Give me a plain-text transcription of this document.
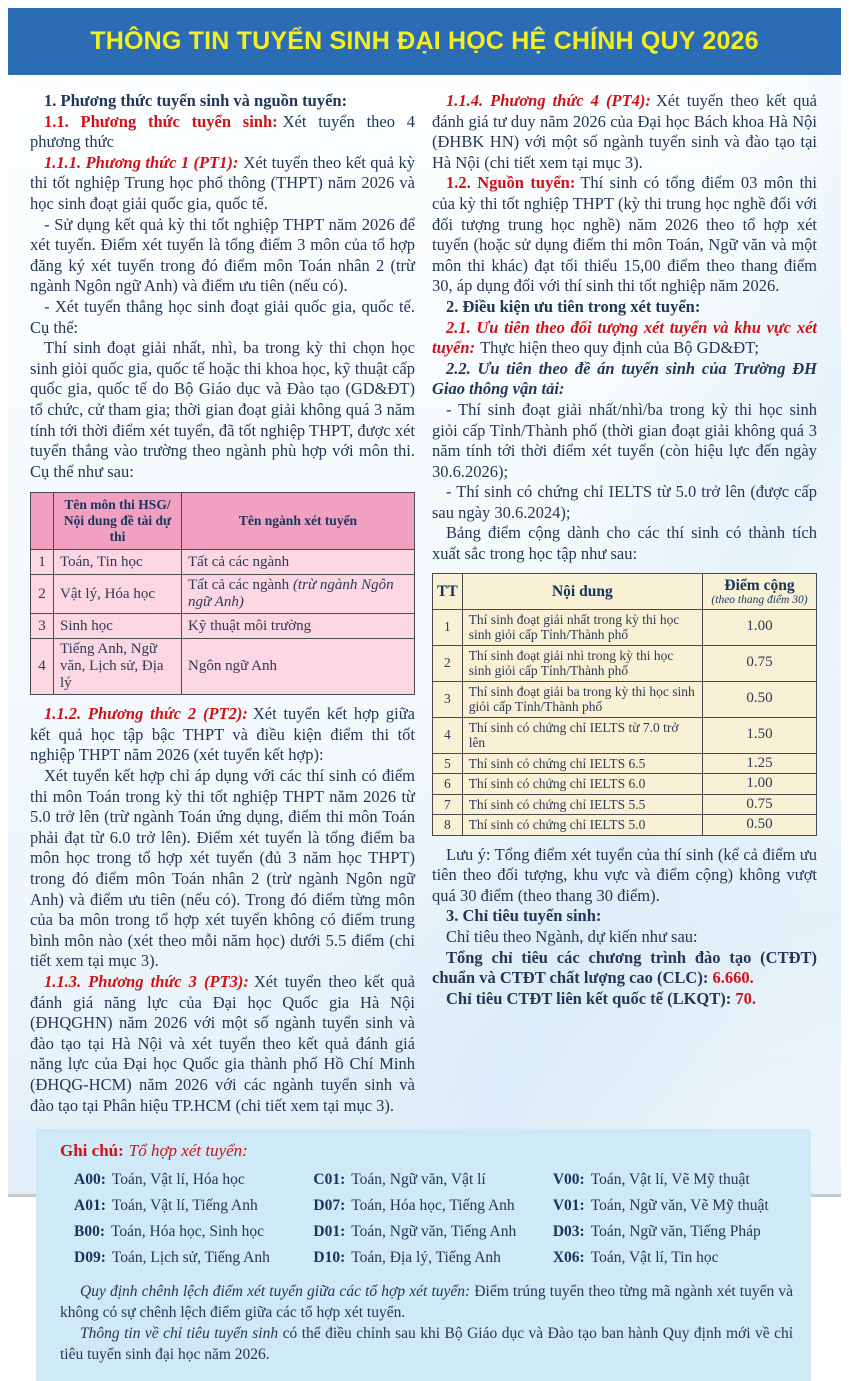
THÔNG TIN TUYỂN SINH ĐẠI HỌC HỆ CHÍNH QUY 2026

1. Phương thức tuyển sinh và nguồn tuyển:

1.1. Phương thức tuyển sinh: Xét tuyển theo 4 phương thức

1.1.1. Phương thức 1 (PT1): Xét tuyển theo kết quả kỳ thi tốt nghiệp Trung học phổ thông (THPT) năm 2026 và học sinh đoạt giải quốc gia, quốc tế.

- Sử dụng kết quả kỳ thi tốt nghiệp THPT năm 2026 để xét tuyển. Điểm xét tuyển là tổng điểm 3 môn của tổ hợp đăng ký xét tuyển trong đó điểm môn Toán nhân 2 (trừ ngành Ngôn ngữ Anh) và điểm ưu tiên (nếu có).

- Xét tuyển thẳng học sinh đoạt giải quốc gia, quốc tế. Cụ thể:

Thí sinh đoạt giải nhất, nhì, ba trong kỳ thi chọn học sinh giỏi quốc gia, quốc tế hoặc thi khoa học, kỹ thuật cấp quốc gia, quốc tế do Bộ Giáo dục và Đào tạo (GD&ĐT) tổ chức, cử tham gia; thời gian đoạt giải không quá 3 năm tính tới thời điểm xét tuyển, đã tốt nghiệp THPT, được xét tuyển thẳng vào trường theo ngành phù hợp với môn thi. Cụ thể như sau:

	Tên môn thi HSG/
Nội dung đề tài dự thi	Tên ngành xét tuyển
1	Toán, Tin học	Tất cả các ngành
2	Vật lý, Hóa học	Tất cả các ngành (trừ ngành Ngôn ngữ Anh)
3	Sinh học	Kỹ thuật môi trường
4	Tiếng Anh, Ngữ văn, Lịch sử, Địa lý	Ngôn ngữ Anh

1.1.2. Phương thức 2 (PT2): Xét tuyển kết hợp giữa kết quả học tập bậc THPT và điều kiện điểm thi tốt nghiệp THPT năm 2026 (xét tuyển kết hợp):

Xét tuyển kết hợp chỉ áp dụng với các thí sinh có điểm thi môn Toán trong kỳ thi tốt nghiệp THPT năm 2026 từ 5.0 trở lên (trừ ngành Toán ứng dụng, điểm thi môn Toán phải đạt từ 6.0 trở lên). Điểm xét tuyển là tổng điểm ba môn học trong tổ hợp xét tuyển (đủ 3 năm học THPT) trong đó điểm môn Toán nhân 2 (trừ ngành Ngôn ngữ Anh) và điểm ưu tiên (nếu có). Trong đó điểm từng môn của ba môn trong tổ hợp xét tuyển không có điểm trung bình môn nào (xét theo mỗi năm học) dưới 5.5 điểm (chi tiết xem tại mục 3).

1.1.3. Phương thức 3 (PT3): Xét tuyển theo kết quả đánh giá năng lực của Đại học Quốc gia Hà Nội (ĐHQGHN) năm 2026 với một số ngành tuyển sinh và đào tạo tại Hà Nội và xét tuyển theo kết quả đánh giá năng lực của Đại học Quốc gia thành phố Hồ Chí Minh (ĐHQG-HCM) năm 2026 với các ngành tuyển sinh và đào tạo tại Phân hiệu TP.HCM (chi tiết xem tại mục 3).

1.1.4. Phương thức 4 (PT4): Xét tuyển theo kết quả đánh giá tư duy năm 2026 của Đại học Bách khoa Hà Nội (ĐHBK HN) với một số ngành tuyển sinh và đào tạo tại Hà Nội (chi tiết xem tại mục 3).

1.2. Nguồn tuyển: Thí sinh có tổng điểm 03 môn thi của kỳ thi tốt nghiệp THPT (kỳ thi trung học nghề đối với đối tượng trung học nghề) năm 2026 theo tổ hợp xét tuyển (hoặc sử dụng điểm thi môn Toán, Ngữ văn và một môn thi khác) đạt tối thiểu 15,00 điểm theo thang điểm 30, áp dụng đối với thí sinh thi tốt nghiệp năm 2026.

2. Điều kiện ưu tiên trong xét tuyển:

2.1. Ưu tiên theo đối tượng xét tuyển và khu vực xét tuyển: Thực hiện theo quy định của Bộ GD&ĐT;

2.2. Ưu tiên theo đề án tuyển sinh của Trường ĐH Giao thông vận tải:

- Thí sinh đoạt giải nhất/nhì/ba trong kỳ thi học sinh giỏi cấp Tỉnh/Thành phố (thời gian đoạt giải không quá 3 năm tính tới thời điểm xét tuyển (còn hiệu lực đến ngày 30.6.2026);

- Thí sinh có chứng chỉ IELTS từ 5.0 trở lên (được cấp sau ngày 30.6.2024);

Bảng điểm cộng dành cho các thí sinh có thành tích xuất sắc trong học tập như sau:

TT	Nội dung	Điểm cộng
(theo thang điểm 30)

1	Thí sinh đoạt giải nhất trong kỳ thi học sinh giỏi cấp Tỉnh/Thành phố	1.00
2	Thí sinh đoạt giải nhì trong kỳ thi học sinh giỏi cấp Tỉnh/Thành phố	0.75
3	Thí sinh đoạt giải ba trong kỳ thi học sinh giỏi cấp Tỉnh/Thành phố	0.50
4	Thí sinh có chứng chỉ IELTS từ 7.0 trở lên	1.50
5	Thí sinh có chứng chỉ IELTS 6.5	1.25
6	Thí sinh có chứng chỉ IELTS 6.0	1.00
7	Thí sinh có chứng chỉ IELTS 5.5	0.75
8	Thí sinh có chứng chỉ IELTS 5.0	0.50

Lưu ý: Tổng điểm xét tuyển của thí sinh (kể cả điểm ưu tiên theo đối tượng, khu vực và điểm cộng) không vượt quá 30 điểm (theo thang 30 điểm).

3. Chỉ tiêu tuyển sinh:

Chỉ tiêu theo Ngành, dự kiến như sau:

Tổng chỉ tiêu các chương trình đào tạo (CTĐT) chuẩn và CTĐT chất lượng cao (CLC): 6.660.

Chỉ tiêu CTĐT liên kết quốc tế (LKQT): 70.

Ghi chú: Tổ hợp xét tuyển:

A00: Toán, Vật lí, Hóa học

A01: Toán, Vật lí, Tiếng Anh

B00: Toán, Hóa học, Sinh học

D09: Toán, Lịch sử, Tiếng Anh

C01: Toán, Ngữ văn, Vật lí

D07: Toán, Hóa học, Tiếng Anh

D01: Toán, Ngữ văn, Tiếng Anh

D10: Toán, Địa lý, Tiếng Anh

V00: Toán, Vật lí, Vẽ Mỹ thuật

V01: Toán, Ngữ văn, Vẽ Mỹ thuật

D03: Toán, Ngữ văn, Tiếng Pháp

X06: Toán, Vật lí, Tin học

Quy định chênh lệch điểm xét tuyển giữa các tổ hợp xét tuyển: Điểm trúng tuyển theo từng mã ngành xét tuyển và không có sự chênh lệch điểm giữa các tổ hợp xét tuyển.

Thông tin về chỉ tiêu tuyển sinh có thể điều chỉnh sau khi Bộ Giáo dục và Đào tạo ban hành Quy định mới về chỉ tiêu tuyển sinh đại học năm 2026.
